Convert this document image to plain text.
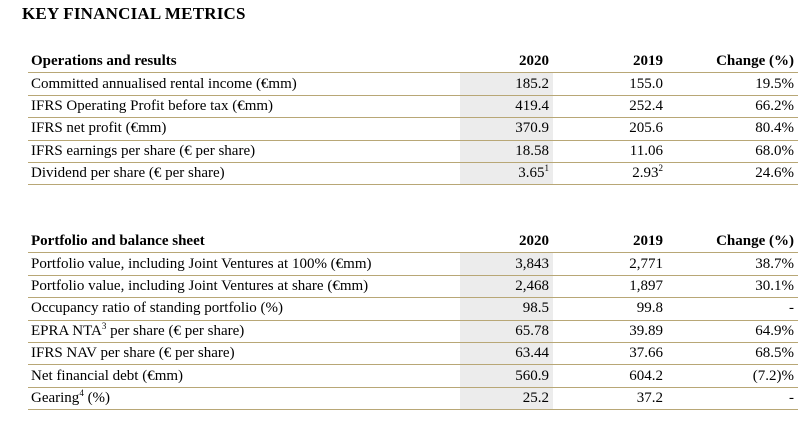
KEY FINANCIAL METRICS
Operations and results	2020	2019	Change (%)
Committed annualised rental income (€mm)	185.2	155.0	19.5%
IFRS Operating Profit before tax (€mm)	419.4	252.4	66.2%
IFRS net profit (€mm)	370.9	205.6	80.4%
IFRS earnings per share (€ per share)	18.58	11.06	68.0%
Dividend per share (€ per share)	3.65$^1$	2.93$^2$	24.6%
Portfolio and balance sheet	2020	2019	Change (%)
Portfolio value, including Joint Ventures at 100% (€mm)	3,843	2,771	38.7%
Portfolio value, including Joint Ventures at share (€mm)	2,468	1,897	30.1%
Occupancy ratio of standing portfolio (%)	98.5	99.8	-
EPRA NTA$^3$ per share (€ per share)	65.78	39.89	64.9%
IFRS NAV per share (€ per share)	63.44	37.66	68.5%
Net financial debt (€mm)	560.9	604.2	(7.2)%
Gearing$^4$ (%)	25.2	37.2	-
